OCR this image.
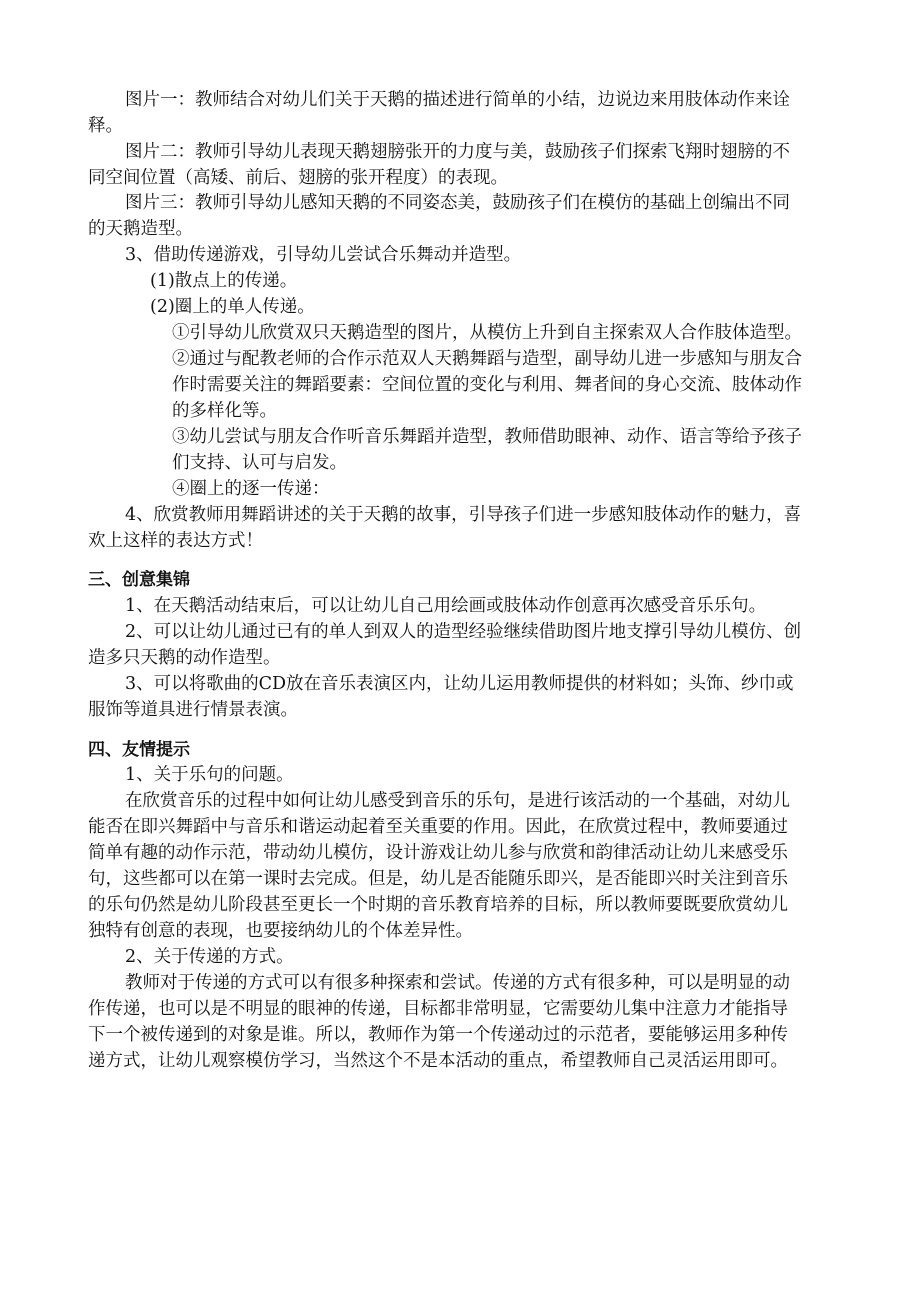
图片一：教师结合对幼儿们关于天鹅的描述进行简单的小结，边说边来用肢体动作来诠
释。
图片二：教师引导幼儿表现天鹅翅膀张开的力度与美，鼓励孩子们探索飞翔时翅膀的不
同空间位置（高矮、前后、翅膀的张开程度）的表现。
图片三：教师引导幼儿感知天鹅的不同姿态美，鼓励孩子们在模仿的基础上创编出不同
的天鹅造型。
3、借助传递游戏，引导幼儿尝试合乐舞动并造型。
(1)散点上的传递。
(2)圈上的单人传递。
①引导幼儿欣赏双只天鹅造型的图片，从模仿上升到自主探索双人合作肢体造型。
②通过与配教老师的合作示范双人天鹅舞蹈与造型，副导幼儿进一步感知与朋友合
作时需要关注的舞蹈要素：空间位置的变化与利用、舞者间的身心交流、肢体动作
的多样化等。
③幼儿尝试与朋友合作听音乐舞蹈并造型，教师借助眼神、动作、语言等给予孩子
们支持、认可与启发。
④圈上的逐一传递：
4、欣赏教师用舞蹈讲述的关于天鹅的故事，引导孩子们进一步感知肢体动作的魅力，喜
欢上这样的表达方式！
三、创意集锦
1、在天鹅活动结束后，可以让幼儿自己用绘画或肢体动作创意再次感受音乐乐句。
2、可以让幼儿通过已有的单人到双人的造型经验继续借助图片地支撑引导幼儿模仿、创
造多只天鹅的动作造型。
3、可以将歌曲的CD放在音乐表演区内，让幼儿运用教师提供的材料如；头饰、纱巾或
服饰等道具进行情景表演。
四、友情提示
1、关于乐句的问题。
在欣赏音乐的过程中如何让幼儿感受到音乐的乐句，是进行该活动的一个基础，对幼儿
能否在即兴舞蹈中与音乐和谐运动起着至关重要的作用。因此，在欣赏过程中，教师要通过
简单有趣的动作示范，带动幼儿模仿，设计游戏让幼儿参与欣赏和韵律活动让幼儿来感受乐
句，这些都可以在第一课时去完成。但是，幼儿是否能随乐即兴，是否能即兴时关注到音乐
的乐句仍然是幼儿阶段甚至更长一个时期的音乐教育培养的目标，所以教师要既要欣赏幼儿
独特有创意的表现，也要接纳幼儿的个体差异性。
2、关于传递的方式。
教师对于传递的方式可以有很多种探索和尝试。传递的方式有很多种，可以是明显的动
作传递，也可以是不明显的眼神的传递，目标都非常明显，它需要幼儿集中注意力才能指导
下一个被传递到的对象是谁。所以，教师作为第一个传递动过的示范者，要能够运用多种传
递方式，让幼儿观察模仿学习，当然这个不是本活动的重点，希望教师自己灵活运用即可。
